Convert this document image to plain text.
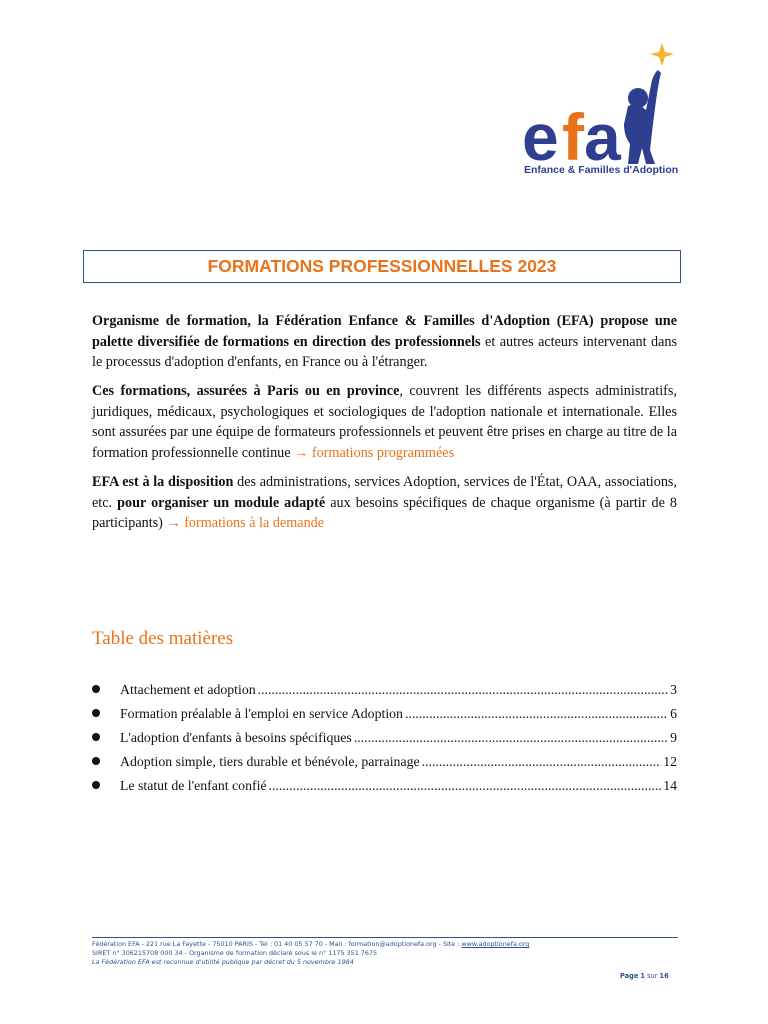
e f a
Enfance & Familles d'Adoption
FORMATIONS PROFESSIONNELLES 2023
Organisme de formation, la Fédération Enfance & Familles d'Adoption (EFA) propose une palette diversifiée de formations en direction des professionnels et autres acteurs intervenant dans le processus d'adoption d'enfants, en France ou à l'étranger.
Ces formations, assurées à Paris ou en province, couvrent les différents aspects administratifs, juridiques, médicaux, psychologiques et sociologiques de l'adoption nationale et internationale. Elles sont assurées par une équipe de formateurs professionnels et peuvent être prises en charge au titre de la formation professionnelle continue → formations programmées
EFA est à la disposition des administrations, services Adoption, services de l'État, OAA, associations, etc. pour organiser un module adapté aux besoins spécifiques de chaque organisme (à partir de 8 participants) → formations à la demande
Table des matières
Attachement et adoption .....	3
Formation préalable à l'emploi en service Adoption .....	6
L'adoption d'enfants à besoins spécifiques .....	9
Adoption simple, tiers durable et bénévole, parrainage .....	12
Le statut de l'enfant confié .....	14
Fédération EFA - 221 rue La Fayette - 75010 PARIS - Tel : 01 40 05 57 70 - Mail : formation@adoptionefa.org - Site : www.adoptionefa.org
SIRET n° 306215708 000 34 - Organisme de formation déclaré sous le n° 1175 351 7675
La Fédération EFA est reconnue d'utilité publique par décret du 5 novembre 1984
Page 1 sur 16
